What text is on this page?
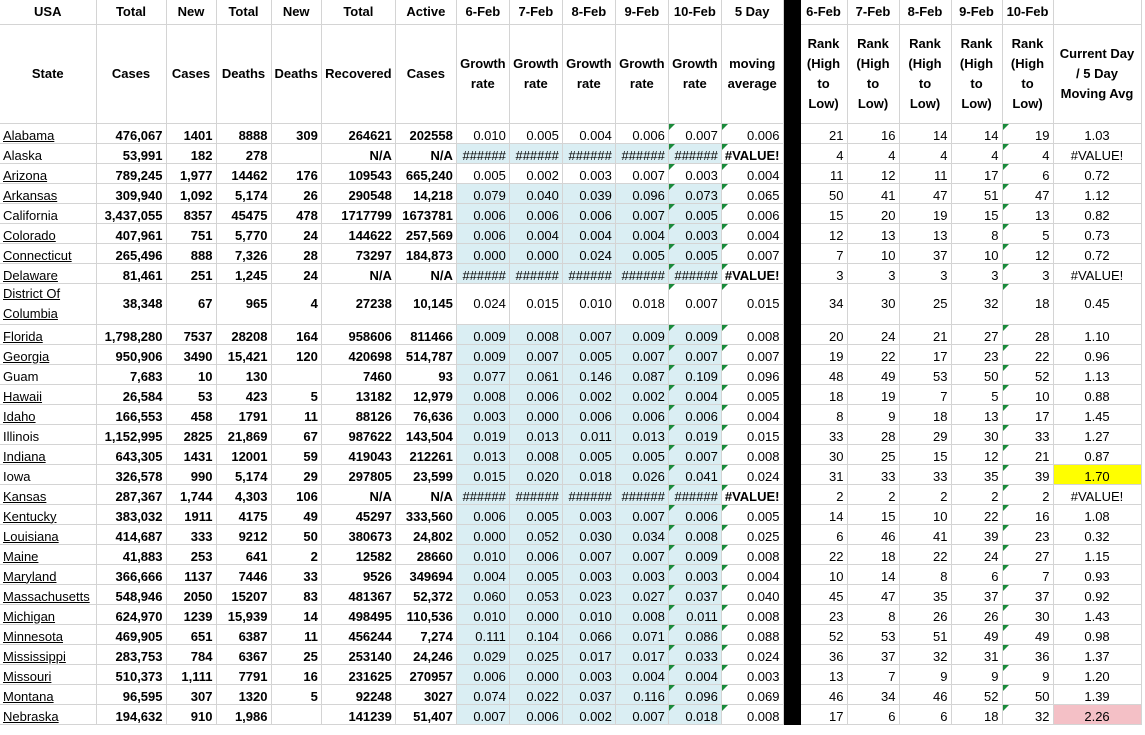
USA	Total	New	Total	New	Total	Active	6-Feb	7-Feb	8-Feb	9-Feb	10-Feb	5 Day		6-Feb	7-Feb	8-Feb	9-Feb	10-Feb	
State	Cases	Cases	Deaths	Deaths	Recovered	Cases	Growth rate	Growth rate	Growth rate	Growth rate	Growth rate	moving average		Rank (High to Low)	Rank (High to Low)	Rank (High to Low)	Rank (High to Low)	Rank (High to Low)	Current Day / 5 Day Moving Avg
Alabama	476,067	1401	8888	309	264621	202558	0.010	0.005	0.004	0.006	0.007	0.006		21	16	14	14	19	1.03
Alaska	53,991	182	278		N/A	N/A	######	######	######	######	######	#VALUE!		4	4	4	4	4	#VALUE!
Arizona	789,245	1,977	14462	176	109543	665,240	0.005	0.002	0.003	0.007	0.003	0.004		11	12	11	17	6	0.72
Arkansas	309,940	1,092	5,174	26	290548	14,218	0.079	0.040	0.039	0.096	0.073	0.065		50	41	47	51	47	1.12
California	3,437,055	8357	45475	478	1717799	1673781	0.006	0.006	0.006	0.007	0.005	0.006		15	20	19	15	13	0.82
Colorado	407,961	751	5,770	24	144622	257,569	0.006	0.004	0.004	0.004	0.003	0.004		12	13	13	8	5	0.73
Connecticut	265,496	888	7,326	28	73297	184,873	0.000	0.000	0.024	0.005	0.005	0.007		7	10	37	10	12	0.72
Delaware	81,461	251	1,245	24	N/A	N/A	######	######	######	######	######	#VALUE!		3	3	3	3	3	#VALUE!
District Of Columbia	38,348	67	965	4	27238	10,145	0.024	0.015	0.010	0.018	0.007	0.015		34	30	25	32	18	0.45
Florida	1,798,280	7537	28208	164	958606	811466	0.009	0.008	0.007	0.009	0.009	0.008		20	24	21	27	28	1.10
Georgia	950,906	3490	15,421	120	420698	514,787	0.009	0.007	0.005	0.007	0.007	0.007		19	22	17	23	22	0.96
Guam	7,683	10	130		7460	93	0.077	0.061	0.146	0.087	0.109	0.096		48	49	53	50	52	1.13
Hawaii	26,584	53	423	5	13182	12,979	0.008	0.006	0.002	0.002	0.004	0.005		18	19	7	5	10	0.88
Idaho	166,553	458	1791	11	88126	76,636	0.003	0.000	0.006	0.006	0.006	0.004		8	9	18	13	17	1.45
Illinois	1,152,995	2825	21,869	67	987622	143,504	0.019	0.013	0.011	0.013	0.019	0.015		33	28	29	30	33	1.27
Indiana	643,305	1431	12001	59	419043	212261	0.013	0.008	0.005	0.005	0.007	0.008		30	25	15	12	21	0.87
Iowa	326,578	990	5,174	29	297805	23,599	0.015	0.020	0.018	0.026	0.041	0.024		31	33	33	35	39	1.70
Kansas	287,367	1,744	4,303	106	N/A	N/A	######	######	######	######	######	#VALUE!		2	2	2	2	2	#VALUE!
Kentucky	383,032	1911	4175	49	45297	333,560	0.006	0.005	0.003	0.007	0.006	0.005		14	15	10	22	16	1.08
Louisiana	414,687	333	9212	50	380673	24,802	0.000	0.052	0.030	0.034	0.008	0.025		6	46	41	39	23	0.32
Maine	41,883	253	641	2	12582	28660	0.010	0.006	0.007	0.007	0.009	0.008		22	18	22	24	27	1.15
Maryland	366,666	1137	7446	33	9526	349694	0.004	0.005	0.003	0.003	0.003	0.004		10	14	8	6	7	0.93
Massachusetts	548,946	2050	15207	83	481367	52,372	0.060	0.053	0.023	0.027	0.037	0.040		45	47	35	37	37	0.92
Michigan	624,970	1239	15,939	14	498495	110,536	0.010	0.000	0.010	0.008	0.011	0.008		23	8	26	26	30	1.43
Minnesota	469,905	651	6387	11	456244	7,274	0.111	0.104	0.066	0.071	0.086	0.088		52	53	51	49	49	0.98
Mississippi	283,753	784	6367	25	253140	24,246	0.029	0.025	0.017	0.017	0.033	0.024		36	37	32	31	36	1.37
Missouri	510,373	1,111	7791	16	231625	270957	0.006	0.000	0.003	0.004	0.004	0.003		13	7	9	9	9	1.20
Montana	96,595	307	1320	5	92248	3027	0.074	0.022	0.037	0.116	0.096	0.069		46	34	46	52	50	1.39
Nebraska	194,632	910	1,986		141239	51,407	0.007	0.006	0.002	0.007	0.018	0.008		17	6	6	18	32	2.26
